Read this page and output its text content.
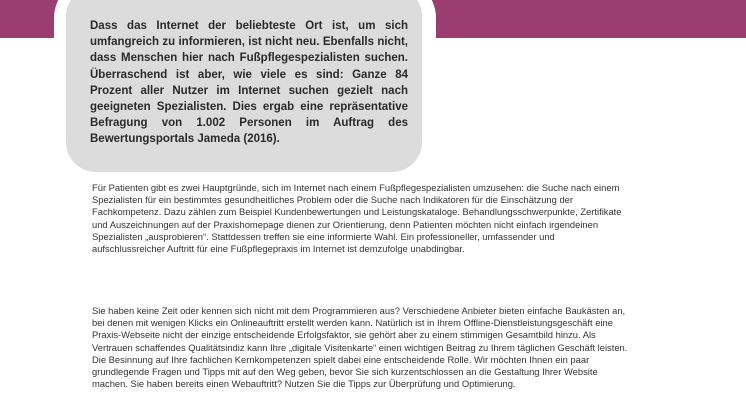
Dass das Internet der beliebteste Ort ist, um sich umfangreich zu informieren, ist nicht neu. Ebenfalls nicht, dass Menschen hier nach Fußpflegespezialisten suchen. Überraschend ist aber, wie viele es sind: Ganze 84 Prozent aller Nutzer im Internet suchen gezielt nach geeigneten Spezialisten. Dies ergab eine repräsentative Befragung von 1.002 Personen im Auftrag des Bewertungsportals Jameda (2016).

Für Patienten gibt es zwei Hauptgründe, sich im Internet nach einem Fußpflegespezialisten umzusehen: die Suche nach einem Spezialisten für ein bestimmtes gesundheitliches Problem oder die Suche nach Indikatoren für die Einschätzung der Fachkompetenz. Dazu zählen zum Beispiel Kundenbewertungen und Leistungskataloge. Behandlungsschwerpunkte, Zertifikate und Auszeichnungen auf der Praxishomepage dienen zur Orientierung, denn Patienten möchten nicht einfach irgendeinen Spezialisten „ausprobieren“. Stattdessen treffen sie eine informierte Wahl. Ein professioneller, umfassender und aufschlussreicher Auftritt für eine Fußpflegepraxis im Internet ist demzufolge unabdingbar.

Sie haben keine Zeit oder kennen sich nicht mit dem Programmieren aus? Verschiedene Anbieter bieten einfache Baukästen an, bei denen mit wenigen Klicks ein Onlineauftritt erstellt werden kann. Natürlich ist in Ihrem Offline-Dienstleistungsgeschäft eine Praxis-Webseite nicht der einzige entscheidende Erfolgsfaktor, sie gehört aber zu einem stimmigen Gesamtbild hinzu. Als Vertrauen schaffendes Qualitätsindiz kann Ihre „digitale Visitenkarte“ einen wichtigen Beitrag zu Ihrem täglichen Geschäft leisten. Die Besinnung auf Ihre fachlichen Kernkompetenzen spielt dabei eine entscheidende Rolle. Wir möchten Ihnen ein paar grundlegende Fragen und Tipps mit auf den Weg geben, bevor Sie sich kurzentschlossen an die Gestaltung Ihrer Website machen. Sie haben bereits einen Webauftritt? Nutzen Sie die Tipps zur Überprüfung und Optimierung.
